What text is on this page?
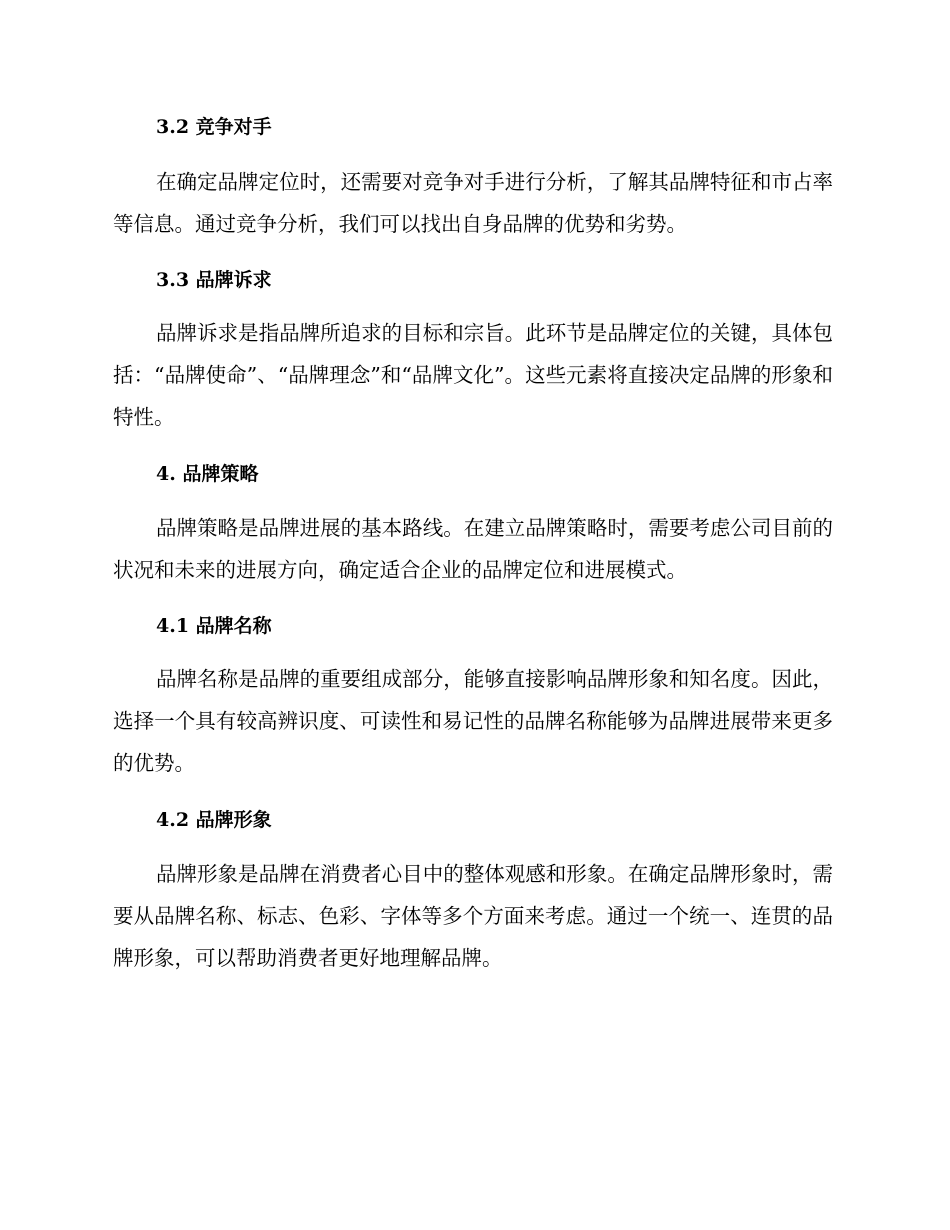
3.2 竞争对手

在确定品牌定位时，还需要对竞争对手进行分析，了解其品牌特征和市占率等信息。通过竞争分析，我们可以找出自身品牌的优势和劣势。

3.3 品牌诉求

品牌诉求是指品牌所追求的目标和宗旨。此环节是品牌定位的关键，具体包括：“品牌使命”、“品牌理念”和“品牌文化”。这些元素将直接决定品牌的形象和特性。

4. 品牌策略

品牌策略是品牌进展的基本路线。在建立品牌策略时，需要考虑公司目前的状况和未来的进展方向，确定适合企业的品牌定位和进展模式。

4.1 品牌名称

品牌名称是品牌的重要组成部分，能够直接影响品牌形象和知名度。因此，选择一个具有较高辨识度、可读性和易记性的品牌名称能够为品牌进展带来更多的优势。

4.2 品牌形象

品牌形象是品牌在消费者心目中的整体观感和形象。在确定品牌形象时，需要从品牌名称、标志、色彩、字体等多个方面来考虑。通过一个统一、连贯的品牌形象，可以帮助消费者更好地理解品牌。
